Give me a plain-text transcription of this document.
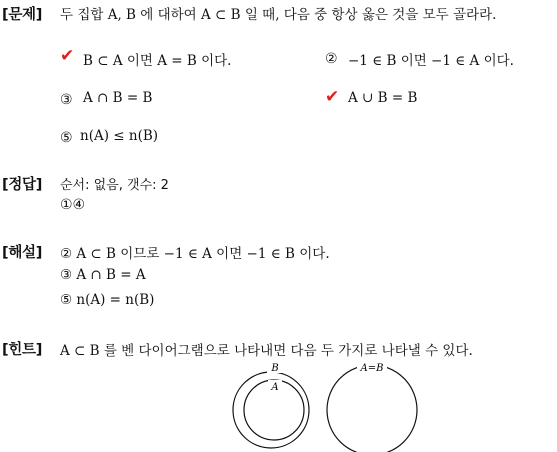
[문제] 두 집합 A, B 에 대하여 A ⊂ B 일 때, 다음 중 항상 옳은 것을 모두 골라라.
✔ B ⊂ A 이면 A = B 이다.	② −1 ∈ B 이면 −1 ∈ A 이다.
③ A ∩ B = B	✔ A ∪ B = B
⑤ n(A) ≤ n(B)
[정답] 순서: 없음, 갯수: 2
①④
[해설] ② A ⊂ B 이므로 −1 ∈ A 이면 −1 ∈ B 이다.
③ A ∩ B = A
⑤ n(A) = n(B)
[힌트] A ⊂ B 를 벤 다이어그램으로 나타내면 다음 두 가지로 나타낼 수 있다.
B
A
A=B
